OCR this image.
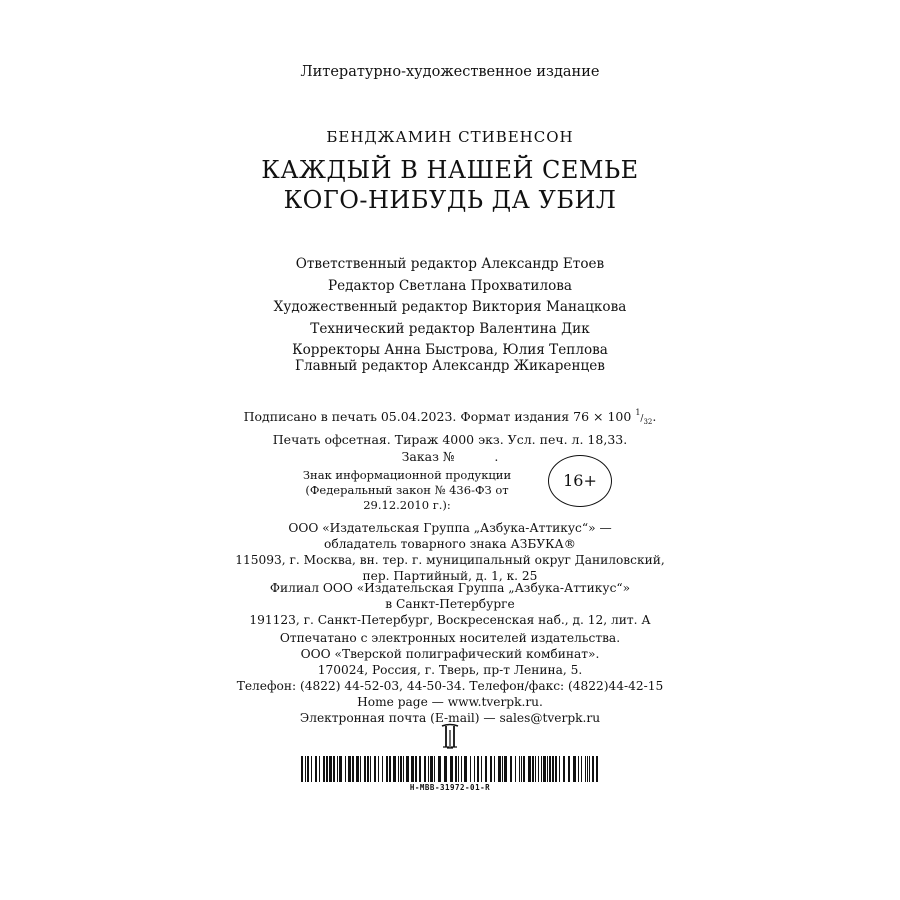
Литературно-художественное издание
БЕНДЖАМИН СТИВЕНСОН
КАЖДЫЙ В НАШЕЙ СЕМЬЕ
КОГО-НИБУДЬ ДА УБИЛ
Ответственный редактор Александр Етоев
Редактор Светлана Прохватилова
Художественный редактор Виктория Манацкова
Технический редактор Валентина Дик
Корректоры Анна Быстрова, Юлия Теплова
Главный редактор Александр Жикаренцев
Подписано в печать 05.04.2023. Формат издания 76 × 100 $^1/_{32}$.
Печать офсетная. Тираж 4000 экз. Усл. печ. л. 18,33.
Заказ №          .
Знак информационной продукции
(Федеральный закон № 436-ФЗ от 29.12.2010 г.):
16+
ООО «Издательская Группа „Азбука-Аттикус“» —
обладатель товарного знака АЗБУКА®
115093, г. Москва, вн. тер. г. муниципальный округ Даниловский,
пер. Партийный, д. 1, к. 25
Филиал ООО «Издательская Группа „Азбука-Аттикус“»
в Санкт-Петербурге
191123, г. Санкт-Петербург, Воскресенская наб., д. 12, лит. А
Отпечатано с электронных носителей издательства.
ООО «Тверской полиграфический комбинат».
170024, Россия, г. Тверь, пр-т Ленина, 5.
Телефон: (4822) 44-52-03, 44-50-34. Телефон/факс: (4822)44-42-15
Home page — www.tverpk.ru.
Электронная почта (E-mail) — sales@tverpk.ru
H-MBB-31972-01-R
